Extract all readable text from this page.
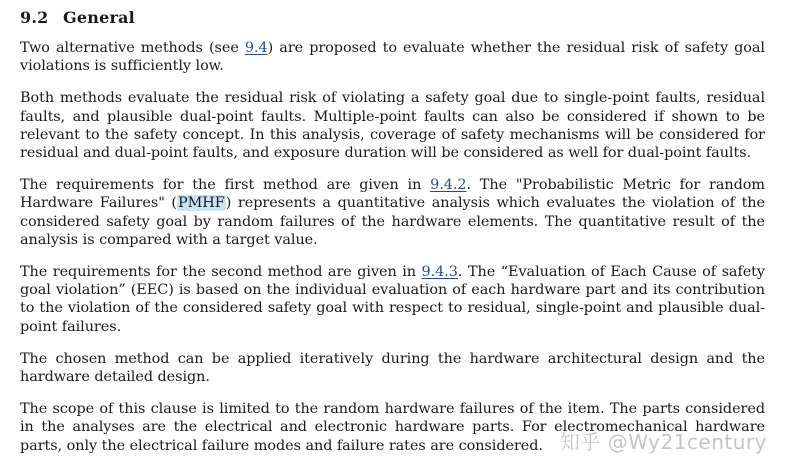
9.2 General

Two alternative methods (see 9.4) are proposed to evaluate whether the residual risk of safety goal violations is sufficiently low.

Both methods evaluate the residual risk of violating a safety goal due to single-point faults, residual faults, and plausible dual-point faults. Multiple-point faults can also be considered if shown to be relevant to the safety concept. In this analysis, coverage of safety mechanisms will be considered for residual and dual-point faults, and exposure duration will be considered as well for dual-point faults.

The requirements for the first method are given in 9.4.2. The "Probabilistic Metric for random Hardware Failures" (PMHF) represents a quantitative analysis which evaluates the violation of the considered safety goal by random failures of the hardware elements. The quantitative result of the analysis is compared with a target value.

The requirements for the second method are given in 9.4.3. The “Evaluation of Each Cause of safety goal violation” (EEC) is based on the individual evaluation of each hardware part and its contribution to the violation of the considered safety goal with respect to residual, single-point and plausible dual-point failures.

The chosen method can be applied iteratively during the hardware architectural design and the hardware detailed design.

The scope of this clause is limited to the random hardware failures of the item. The parts considered in the analyses are the electrical and electronic hardware parts. For electromechanical hardware parts, only the electrical failure modes and failure rates are considered. 知乎 @Wy21century
